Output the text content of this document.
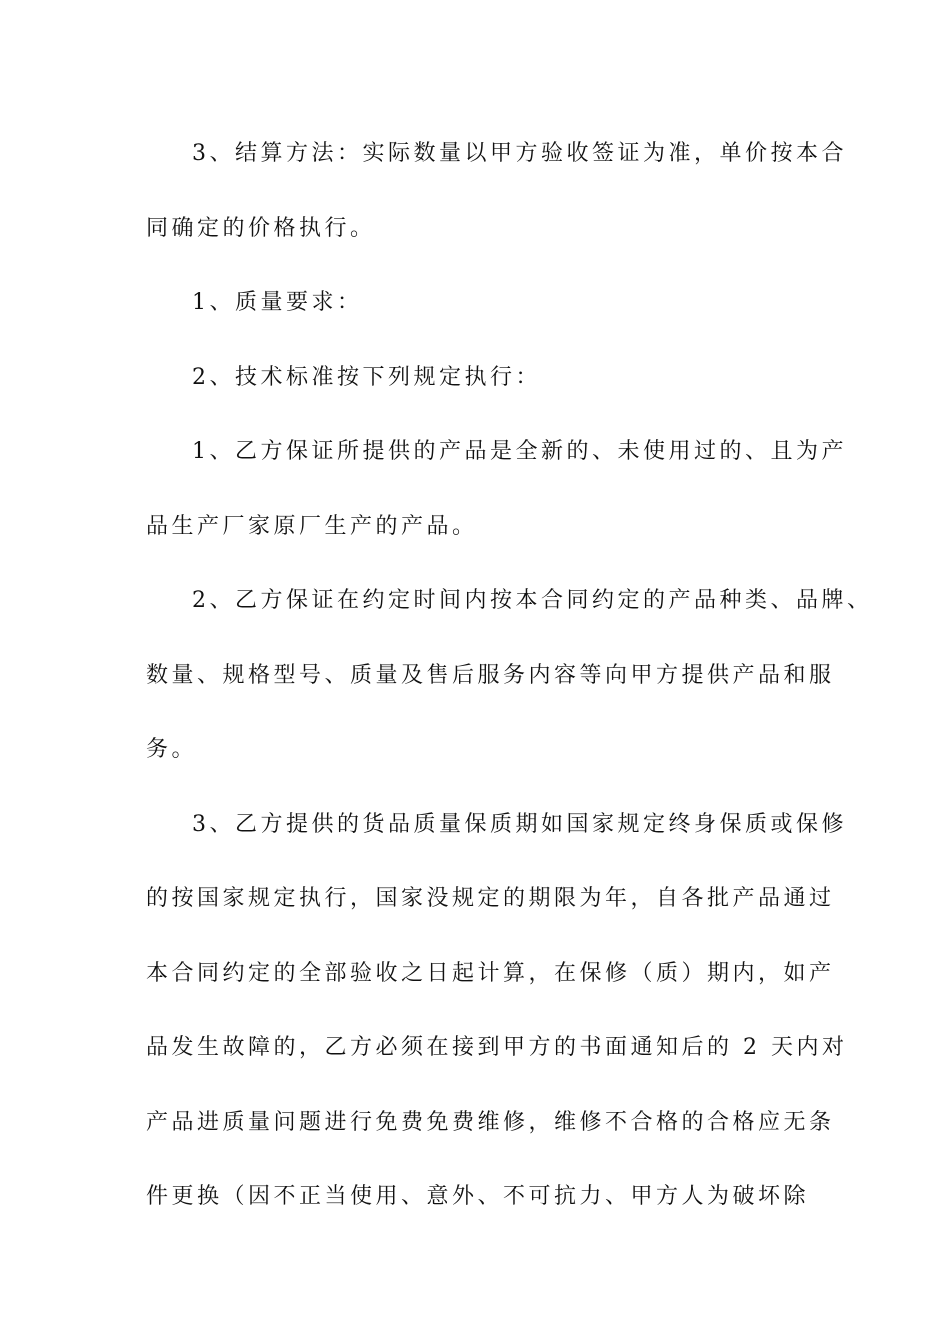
3、结算方法：实际数量以甲方验收签证为准，单价按本合
同确定的价格执行。
1、质量要求：
2、技术标准按下列规定执行：
1、乙方保证所提供的产品是全新的、未使用过的、且为产
品生产厂家原厂生产的产品。
2、乙方保证在约定时间内按本合同约定的产品种类、品牌、
数量、规格型号、质量及售后服务内容等向甲方提供产品和服
务。
3、乙方提供的货品质量保质期如国家规定终身保质或保修
的按国家规定执行，国家没规定的期限为年，自各批产品通过
本合同约定的全部验收之日起计算，在保修（质）期内，如产
品发生故障的，乙方必须在接到甲方的书面通知后的 2 天内对
产品进质量问题进行免费免费维修，维修不合格的合格应无条
件更换（因不正当使用、意外、不可抗力、甲方人为破坏除
